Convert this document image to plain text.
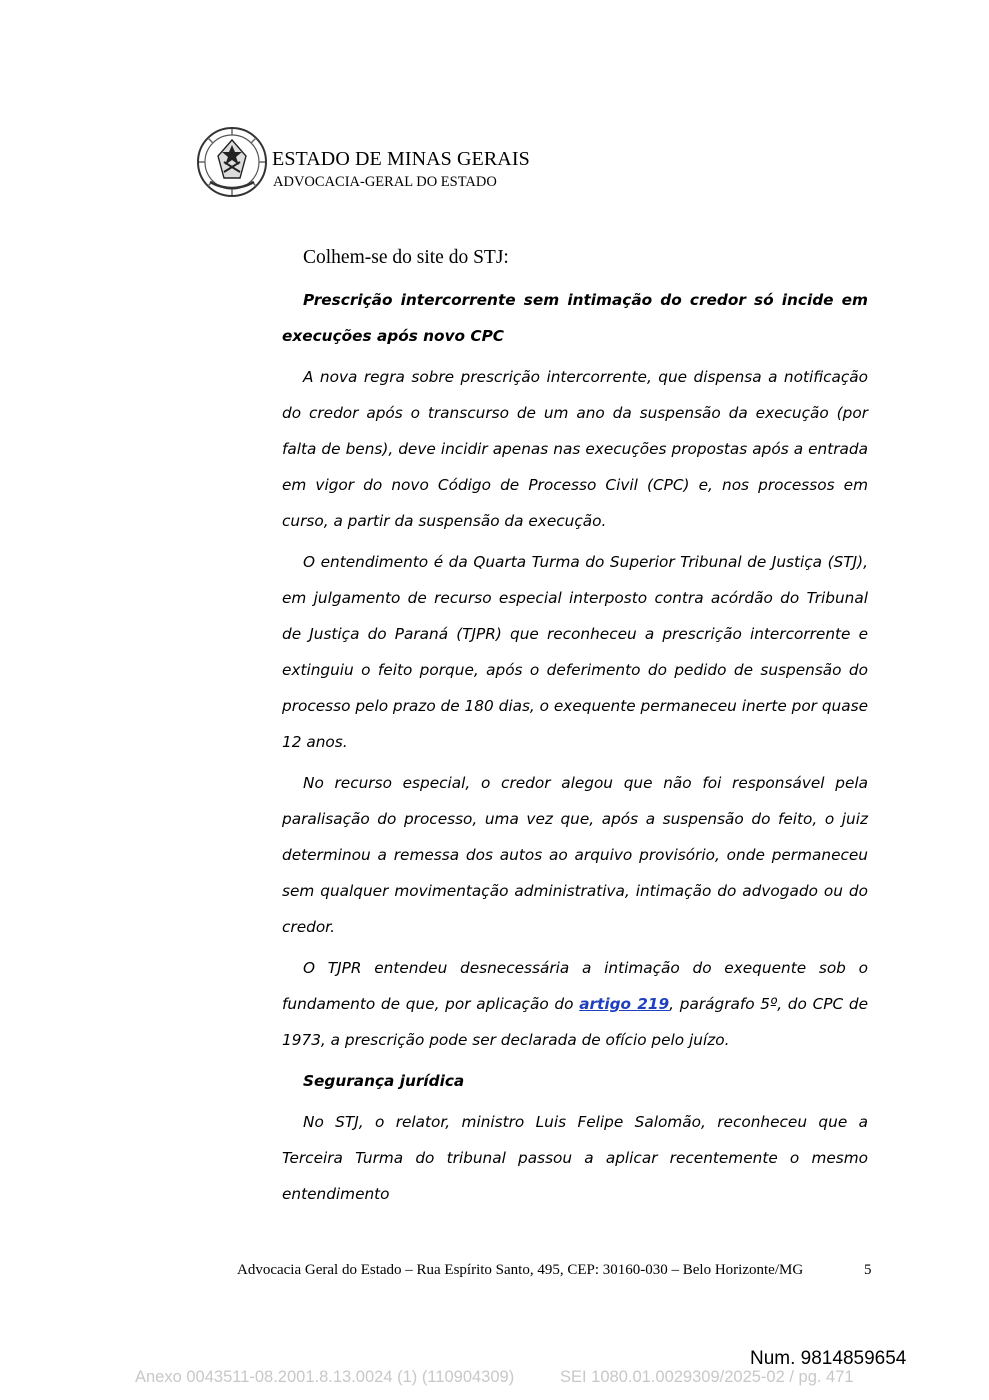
ESTADO DE MINAS GERAIS
ADVOCACIA-GERAL DO ESTADO
Colhem-se do site do STJ:

Prescrição intercorrente sem intimação do credor só incide em execuções após novo CPC

A nova regra sobre prescrição intercorrente, que dispensa a notificação do credor após o transcurso de um ano da suspensão da execução (por falta de bens), deve incidir apenas nas execuções propostas após a entrada em vigor do novo Código de Processo Civil (CPC) e, nos processos em curso, a partir da suspensão da execução.

O entendimento é da Quarta Turma do Superior Tribunal de Justiça (STJ), em julgamento de recurso especial interposto contra acórdão do Tribunal de Justiça do Paraná (TJPR) que reconheceu a prescrição intercorrente e extinguiu o feito porque, após o deferimento do pedido de suspensão do processo pelo prazo de 180 dias, o exequente permaneceu inerte por quase 12 anos.

No recurso especial, o credor alegou que não foi responsável pela paralisação do processo, uma vez que, após a suspensão do feito, o juiz determinou a remessa dos autos ao arquivo provisório, onde permaneceu sem qualquer movimentação administrativa, intimação do advogado ou do credor.

O TJPR entendeu desnecessária a intimação do exequente sob o fundamento de que, por aplicação do artigo 219, parágrafo 5º, do CPC de 1973, a prescrição pode ser declarada de ofício pelo juízo.

Segurança jurídica

No STJ, o relator, ministro Luis Felipe Salomão, reconheceu que a Terceira Turma do tribunal passou a aplicar recentemente o mesmo entendimento

Advocacia Geral do Estado – Rua Espírito Santo, 495, CEP: 30160-030 – Belo Horizonte/MG	5
Num. 9814859654
Anexo 0043511-08.2001.8.13.0024 (1) (110904309)	SEI 1080.01.0029309/2025-02 / pg. 471
